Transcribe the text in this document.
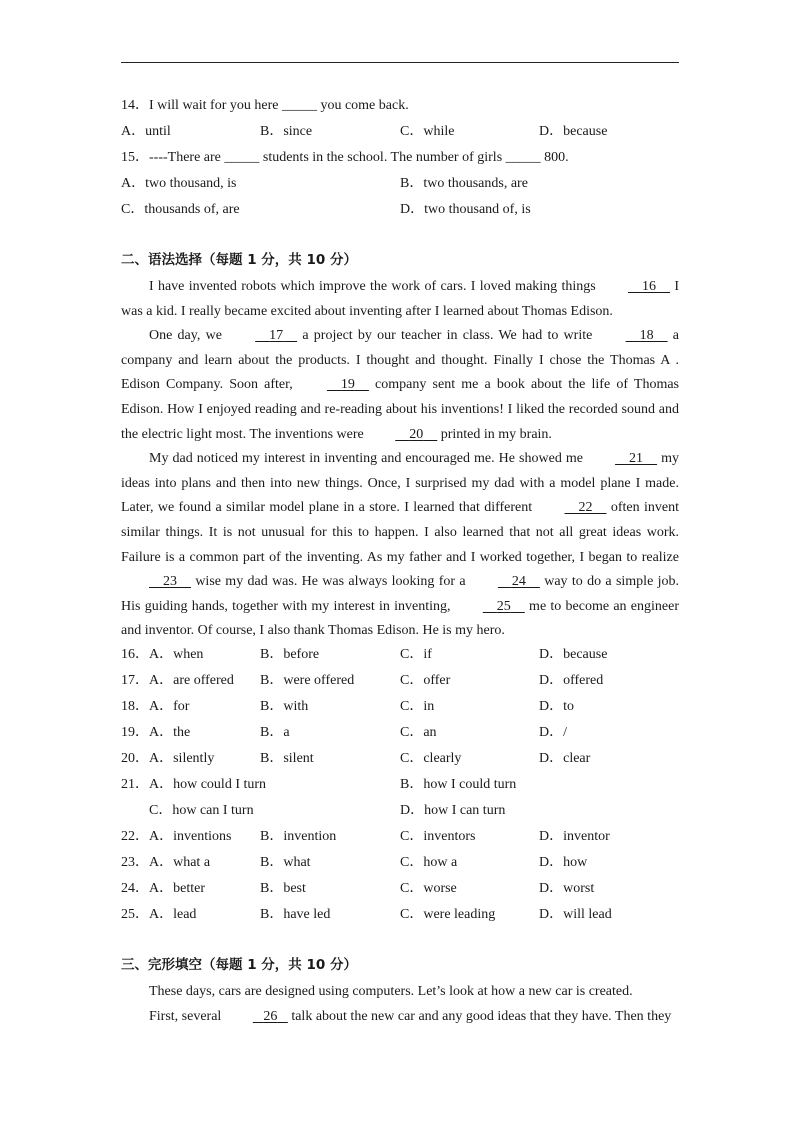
14．I will wait for you here _____ you come back.
A．until	B．since	C．while	D．because
15．----There are _____ students in the school. The number of girls _____ 800.
A．two thousand, is	B．two thousands, are
C．thousands of, are	D．two thousand of, is
二、语法选择（每题 1 分，共 10 分）
I have invented robots which improve the work of cars. I loved making things	16     I was a kid. I really became excited about inventing after I learned about Thomas Edison.
One day, we	17     a project by our teacher in class. We had to write	18     a company and learn about the products. I thought and thought. Finally I chose the Thomas A . Edison Company. Soon after,	19     company sent me a book about the life of Thomas Edison. How I enjoyed reading and re-reading about his inventions! I liked the recorded sound and the electric light most. The inventions were	20     printed in my brain.
My dad noticed my interest in inventing and encouraged me. He showed me	21     my ideas into plans and then into new things. Once, I surprised my dad with a model plane I made. Later, we found a similar model plane in a store. I learned that different	22     often invent similar things. It is not unusual for this to happen. I also learned that not all great ideas work. Failure is a common part of the inventing. As my father and I worked together, I began to realize     23     wise my dad was. He was always looking for a	24     way to do a simple job. His guiding hands, together with my interest in inventing,	25     me to become an engineer and inventor. Of course, I also thank Thomas Edison. He is my hero.
16．A．when	B．before	C．if	D．because
17．A．are offered B．were offered	C．offer	D．offered
18．A．for	B．with	C．in	D．to
19．A．the	B．a	C．an	D．/
20．A．silently	B．silent	C．clearly	D．clear
21．A．how could I turn	B．how I could turn
C．how can I turn	D．how I can turn
22．A．inventions B．invention	C．inventors	D．inventor
23．A．what a	B．what	C．how a	D．how
24．A．better	B．best	C．worse	D．worst
25．A．lead	B．have led	C．were leading	D．will lead
三、完形填空（每题 1 分，共 10 分）
These days, cars are designed using computers. Let’s look at how a new car is created.
First, several	26    talk about the new car and any good ideas that they have. Then they
